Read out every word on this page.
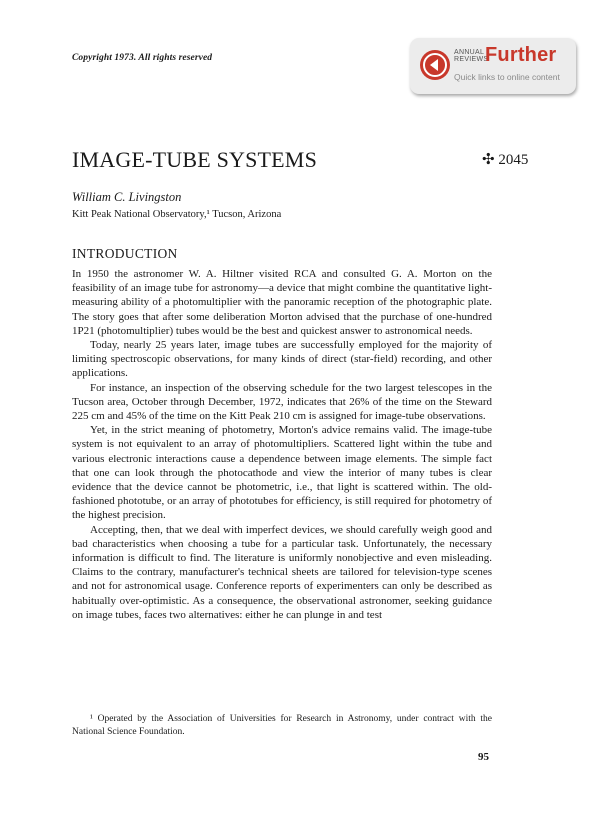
Copyright 1973. All rights reserved
ANNUAL
REVIEWS
Further
Quick links to online content
IMAGE-TUBE SYSTEMS	✣ 2045
William C. Livingston
Kitt Peak National Observatory,¹ Tucson, Arizona
INTRODUCTION

In 1950 the astronomer W. A. Hiltner visited RCA and consulted G. A. Morton on the feasibility of an image tube for astronomy—a device that might combine the quantitative light-measuring ability of a photomultiplier with the panoramic reception of the photographic plate. The story goes that after some deliberation Morton advised that the purchase of one-hundred 1P21 (photomultiplier) tubes would be the best and quickest answer to astronomical needs.

Today, nearly 25 years later, image tubes are successfully employed for the majority of limiting spectroscopic observations, for many kinds of direct (star-field) recording, and other applications.

For instance, an inspection of the observing schedule for the two largest telescopes in the Tucson area, October through December, 1972, indicates that 26% of the time on the Steward 225 cm and 45% of the time on the Kitt Peak 210 cm is assigned for image-tube observations.

Yet, in the strict meaning of photometry, Morton's advice remains valid. The image-tube system is not equivalent to an array of photomultipliers. Scattered light within the tube and various electronic interactions cause a dependence between image elements. The simple fact that one can look through the photocathode and view the interior of many tubes is clear evidence that the device cannot be photometric, i.e., that light is scattered within. The old-fashioned phototube, or an array of phototubes for efficiency, is still required for photometry of the highest precision.

Accepting, then, that we deal with imperfect devices, we should carefully weigh good and bad characteristics when choosing a tube for a particular task. Unfortunately, the necessary information is difficult to find. The literature is uniformly nonobjective and even misleading. Claims to the contrary, manufacturer's technical sheets are tailored for television-type scenes and not for astronomical usage. Conference reports of experimenters can only be described as habitually over-optimistic. As a consequence, the observational astronomer, seeking guidance on image tubes, faces two alternatives: either he can plunge in and test

¹ Operated by the Association of Universities for Research in Astronomy, under contract with the National Science Foundation.
95
